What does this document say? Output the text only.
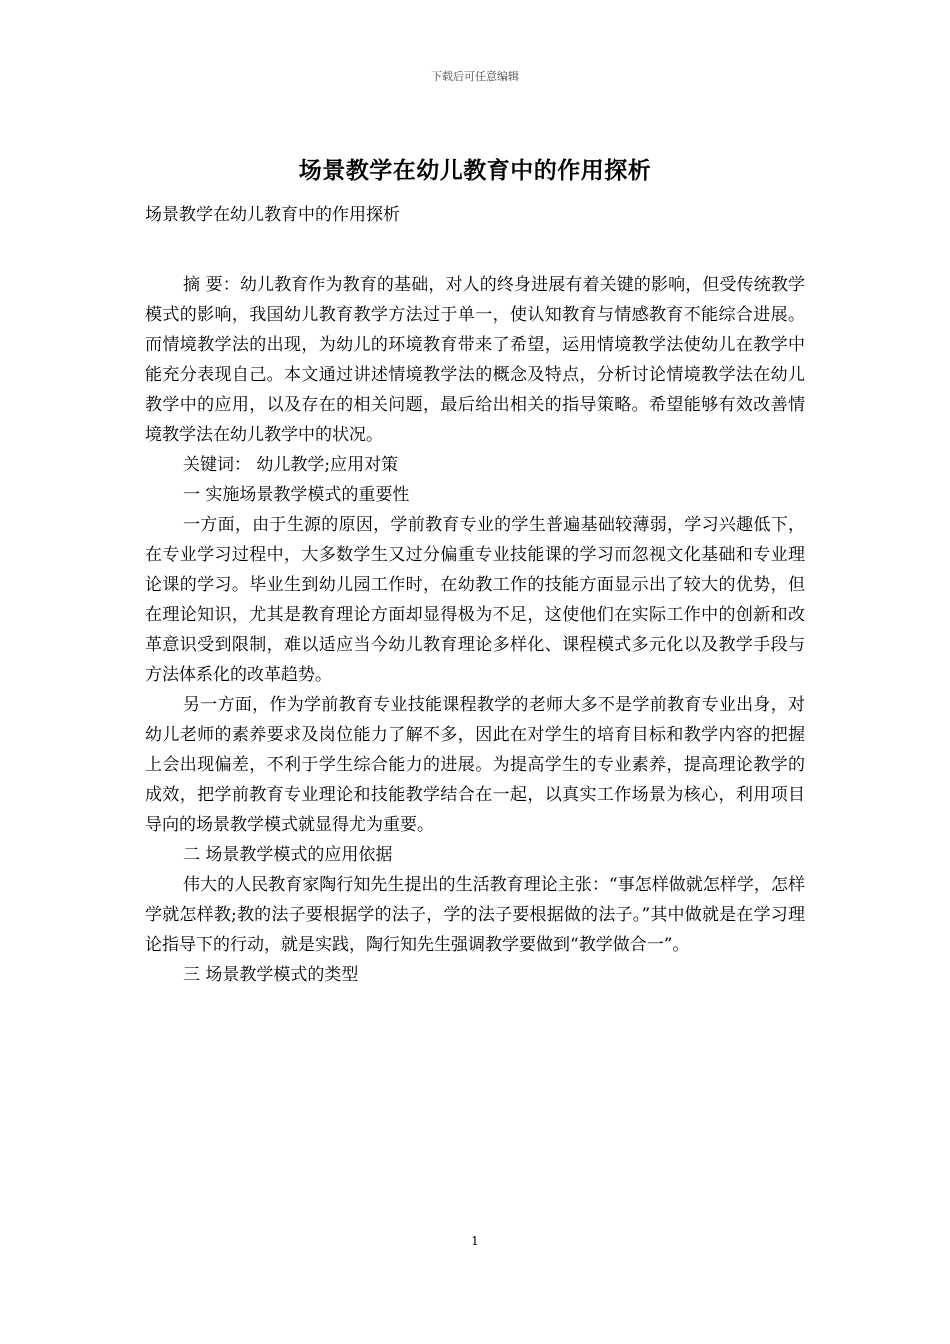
下载后可任意编辑
场景教学在幼儿教育中的作用探析
场景教学在幼儿教育中的作用探析

摘 要：幼儿教育作为教育的基础，对人的终身进展有着关键的影响，但受传统教学模式的影响，我国幼儿教育教学方法过于单一，使认知教育与情感教育不能综合进展。而情境教学法的出现，为幼儿的环境教育带来了希望，运用情境教学法使幼儿在教学中能充分表现自己。本文通过讲述情境教学法的概念及特点，分析讨论情境教学法在幼儿教学中的应用，以及存在的相关问题，最后给出相关的指导策略。希望能够有效改善情境教学法在幼儿教学中的状况。

关键词： 幼儿教学;应用对策

一 实施场景教学模式的重要性

一方面，由于生源的原因，学前教育专业的学生普遍基础较薄弱，学习兴趣低下，在专业学习过程中，大多数学生又过分偏重专业技能课的学习而忽视文化基础和专业理论课的学习。毕业生到幼儿园工作时，在幼教工作的技能方面显示出了较大的优势，但在理论知识，尤其是教育理论方面却显得极为不足，这使他们在实际工作中的创新和改革意识受到限制，难以适应当今幼儿教育理论多样化、课程模式多元化以及教学手段与方法体系化的改革趋势。

另一方面，作为学前教育专业技能课程教学的老师大多不是学前教育专业出身，对幼儿老师的素养要求及岗位能力了解不多，因此在对学生的培育目标和教学内容的把握上会出现偏差，不利于学生综合能力的进展。为提高学生的专业素养，提高理论教学的成效，把学前教育专业理论和技能教学结合在一起，以真实工作场景为核心，利用项目导向的场景教学模式就显得尤为重要。

二 场景教学模式的应用依据

伟大的人民教育家陶行知先生提出的生活教育理论主张：“事怎样做就怎样学，怎样学就怎样教;教的法子要根据学的法子，学的法子要根据做的法子。”其中做就是在学习理论指导下的行动，就是实践，陶行知先生强调教学要做到“教学做合一”。

三 场景教学模式的类型

1
